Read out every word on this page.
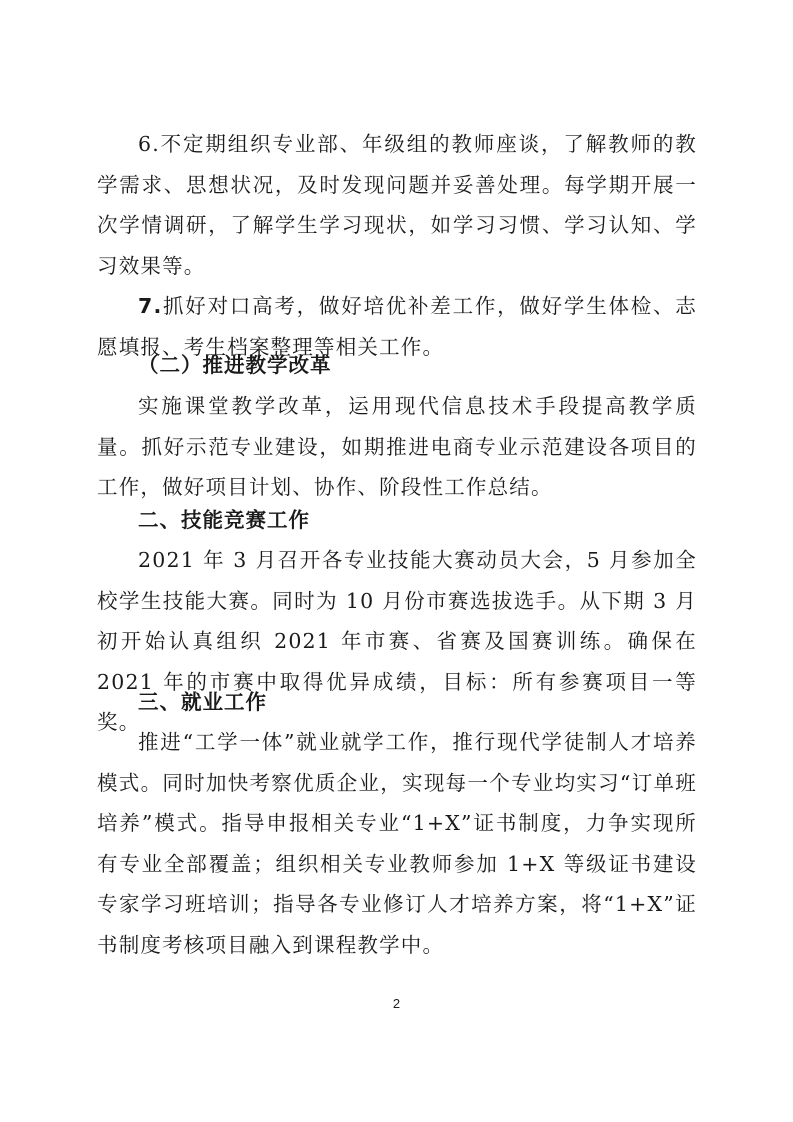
6.不定期组织专业部、年级组的教师座谈，了解教师的教学需求、思想状况，及时发现问题并妥善处理。每学期开展一次学情调研，了解学生学习现状，如学习习惯、学习认知、学习效果等。

7.抓好对口高考，做好培优补差工作，做好学生体检、志愿填报、考生档案整理等相关工作。

（二）推进教学改革

实施课堂教学改革，运用现代信息技术手段提高教学质量。抓好示范专业建设，如期推进电商专业示范建设各项目的工作，做好项目计划、协作、阶段性工作总结。

二、技能竞赛工作

2021 年 3 月召开各专业技能大赛动员大会，5 月参加全校学生技能大赛。同时为 10 月份市赛选拔选手。从下期 3 月初开始认真组织 2021 年市赛、省赛及国赛训练。确保在 2021 年的市赛中取得优异成绩，目标：所有参赛项目一等奖。

三、就业工作

推进“工学一体”就业就学工作，推行现代学徒制人才培养模式。同时加快考察优质企业，实现每一个专业均实习“订单班培养”模式。指导申报相关专业“1+X”证书制度，力争实现所有专业全部覆盖；组织相关专业教师参加 1+X 等级证书建设专家学习班培训；指导各专业修订人才培养方案，将“1+X”证书制度考核项目融入到课程教学中。

2
